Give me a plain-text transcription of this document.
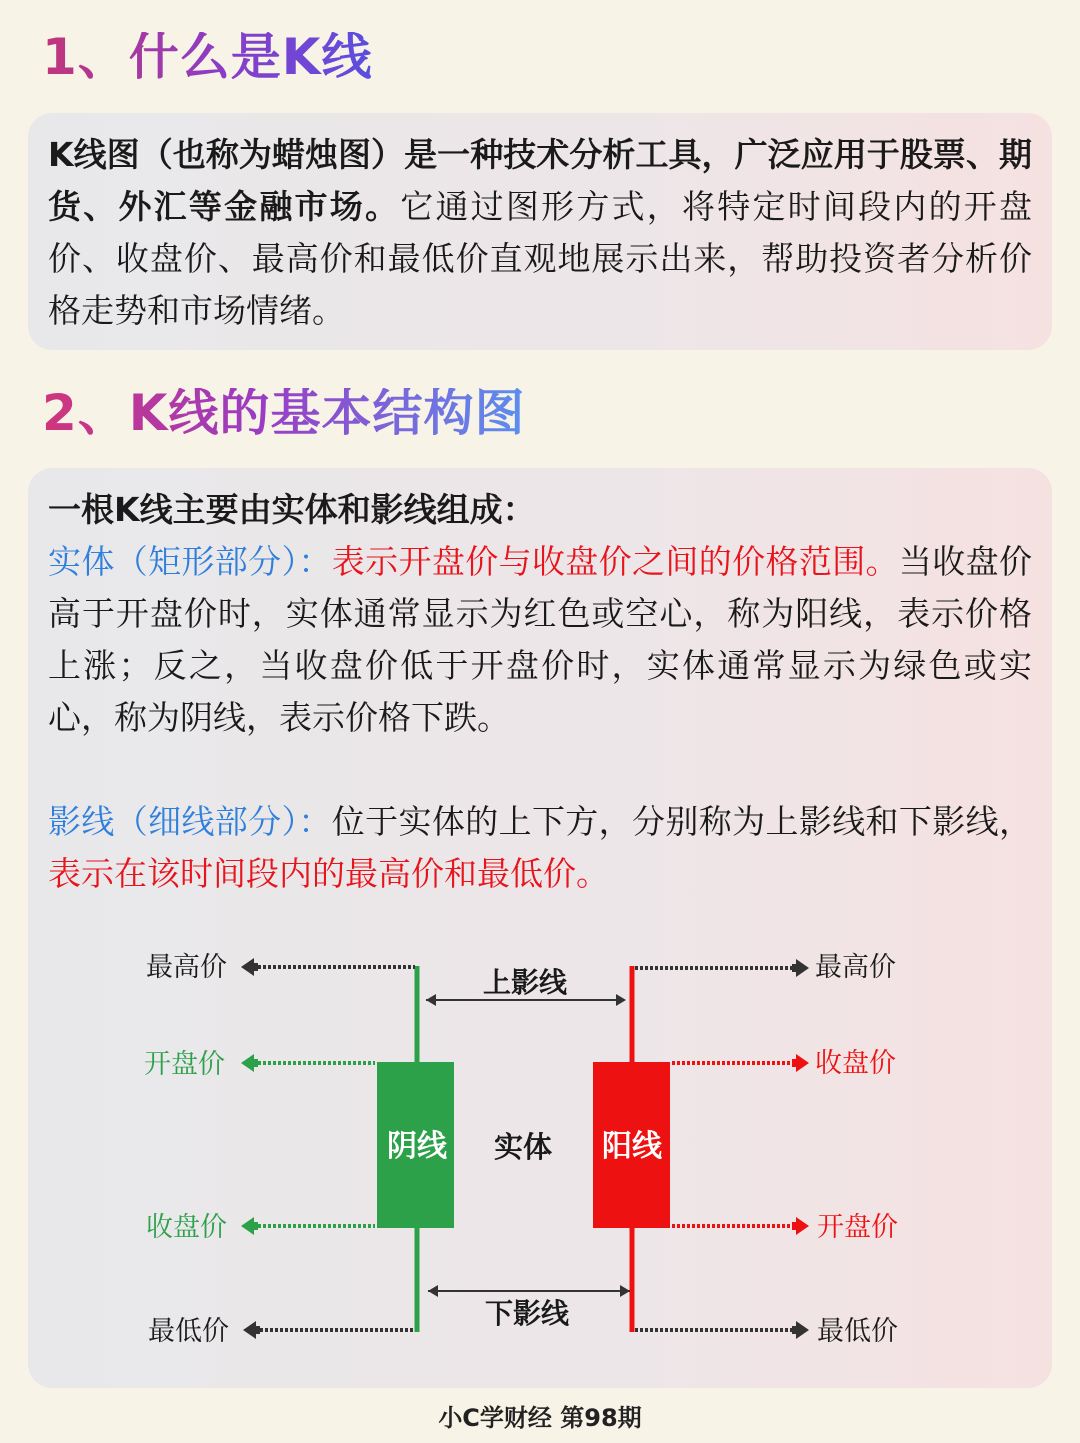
1、什么是K线

K线图（也称为蜡烛图）是一种技术分析工具，广泛应用于股票、期货、外汇等金融市场。它通过图形方式，将特定时间段内的开盘价、收盘价、最高价和最低价直观地展示出来，帮助投资者分析价格走势和市场情绪。

2、K线的基本结构图

一根K线主要由实体和影线组成：

实体（矩形部分）：表示开盘价与收盘价之间的价格范围。当收盘价高于开盘价时，实体通常显示为红色或空心，称为阳线，表示价格上涨；反之，当收盘价低于开盘价时，实体通常显示为绿色或实心，称为阴线，表示价格下跌。

影线（细线部分）：位于实体的上下方，分别称为上影线和下影线，表示在该时间段内的最高价和最低价。

阴线	阳线
实体
上影线
下影线
最高价
开盘价
收盘价
最低价
最高价
收盘价
开盘价
最低价
小C学财经 第98期
